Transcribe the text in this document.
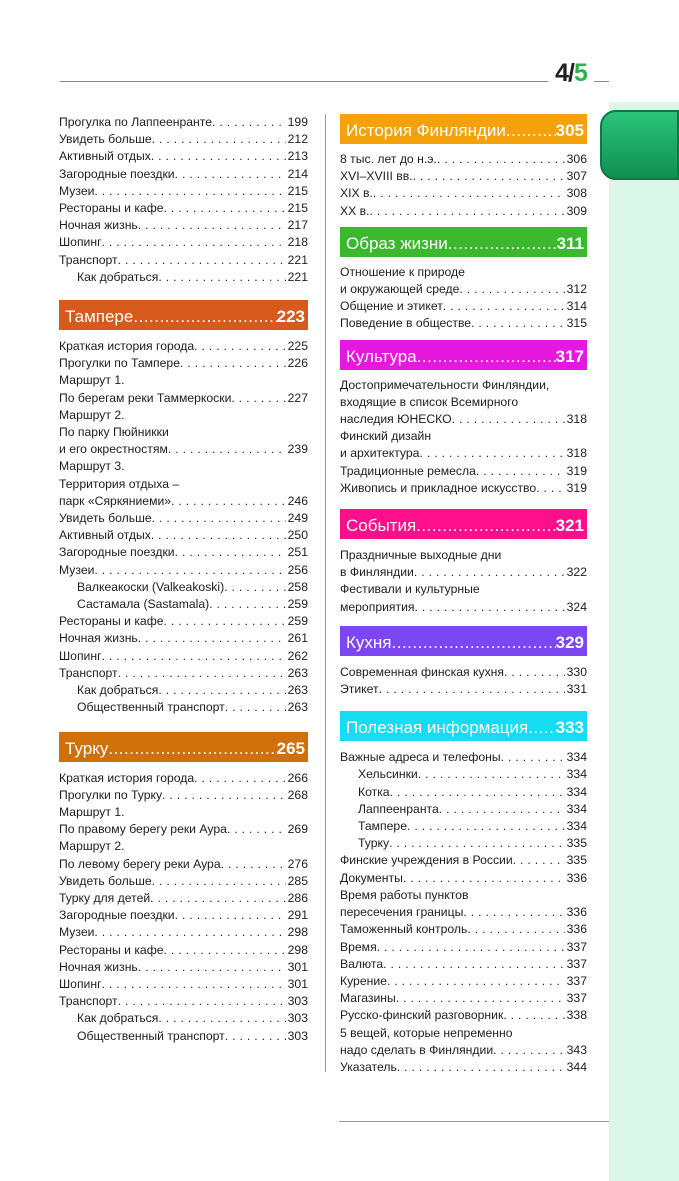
4/5
Прогулка по Лаппеенранте . . .	199
Увидеть больше . . .	212
Активный отдых . . .	213
Загородные поездки . . .	214
Музеи . . .	215
Рестораны и кафе . . .	215
Ночная жизнь . . .	217
Шопинг . . .	218
Транспорт . . .	221
Как добраться . . .	221
Тампере .....	223
Краткая история города . . .	225
Прогулки по Тампере . . .	226
Маршрут 1.
По берегам реки Таммеркоски . . .	227
Маршрут 2.
По парку Пюйникки
и его окрестностям . . .	239
Маршрут 3.
Территория отдыха –
парк «Сяркяниеми» . . .	246
Увидеть больше . . .	249
Активный отдых . . .	250
Загородные поездки . . .	251
Музеи . . .	256
Валкеакоски (Valkeakoski) . . .	258
Састамала (Sastamala) . . .	259
Рестораны и кафе . . .	259
Ночная жизнь . . .	261
Шопинг . . .	262
Транспорт . . .	263
Как добраться . . .	263
Общественный транспорт . . .	263
Турку .....	265
Краткая история города . . .	266
Прогулки по Турку . . .	268
Маршрут 1.
По правому берегу реки Аура . . .	269
Маршрут 2.
По левому берегу реки Аура . . .	276
Увидеть больше . . .	285
Турку для детей . . .	286
Загородные поездки . . .	291
Музеи . . .	298
Рестораны и кафе . . .	298
Ночная жизнь . . .	301
Шопинг . . .	301
Транспорт . . .	303
Как добраться . . .	303
Общественный транспорт . . .	303
История Финляндии .....	305
8 тыс. лет до н.э. . . .	306
XVI–XVIII вв. . . .	307
XIX в. . . .	308
XX в. . . .	309
Образ жизни .....	311
Отношение к природе
и окружающей среде . . .	312
Общение и этикет . . .	314
Поведение в обществе . . .	315
Культура .....	317
Достопримечательности Финляндии,
входящие в список Всемирного
наследия ЮНЕСКО . . .	318
Финский дизайн
и архитектура . . .	318
Традиционные ремесла . . .	319
Живопись и прикладное искусство . . .	319
События .....	321
Праздничные выходные дни
в Финляндии . . .	322
Фестивали и культурные
мероприятия . . .	324
Кухня .....	329
Современная финская кухня . . .	330
Этикет . . .	331
Полезная информация ..... 333
Важные адреса и телефоны . . .	334
Хельсинки . . .	334
Котка . . .	334
Лаппеенранта . . .	334
Тампере . . .	334
Турку . . .	335
Финские учреждения в России . . .	335
Документы . . .	336
Время работы пунктов
пересечения границы . . .	336
Таможенный контроль . . .	336
Время . . .	337
Валюта . . .	337
Курение . . .	337
Магазины . . .	337
Русско-финский разговорник . . .	338
5 вещей, которые непременно
надо сделать в Финляндии . . .	343
Указатель . . .	344
